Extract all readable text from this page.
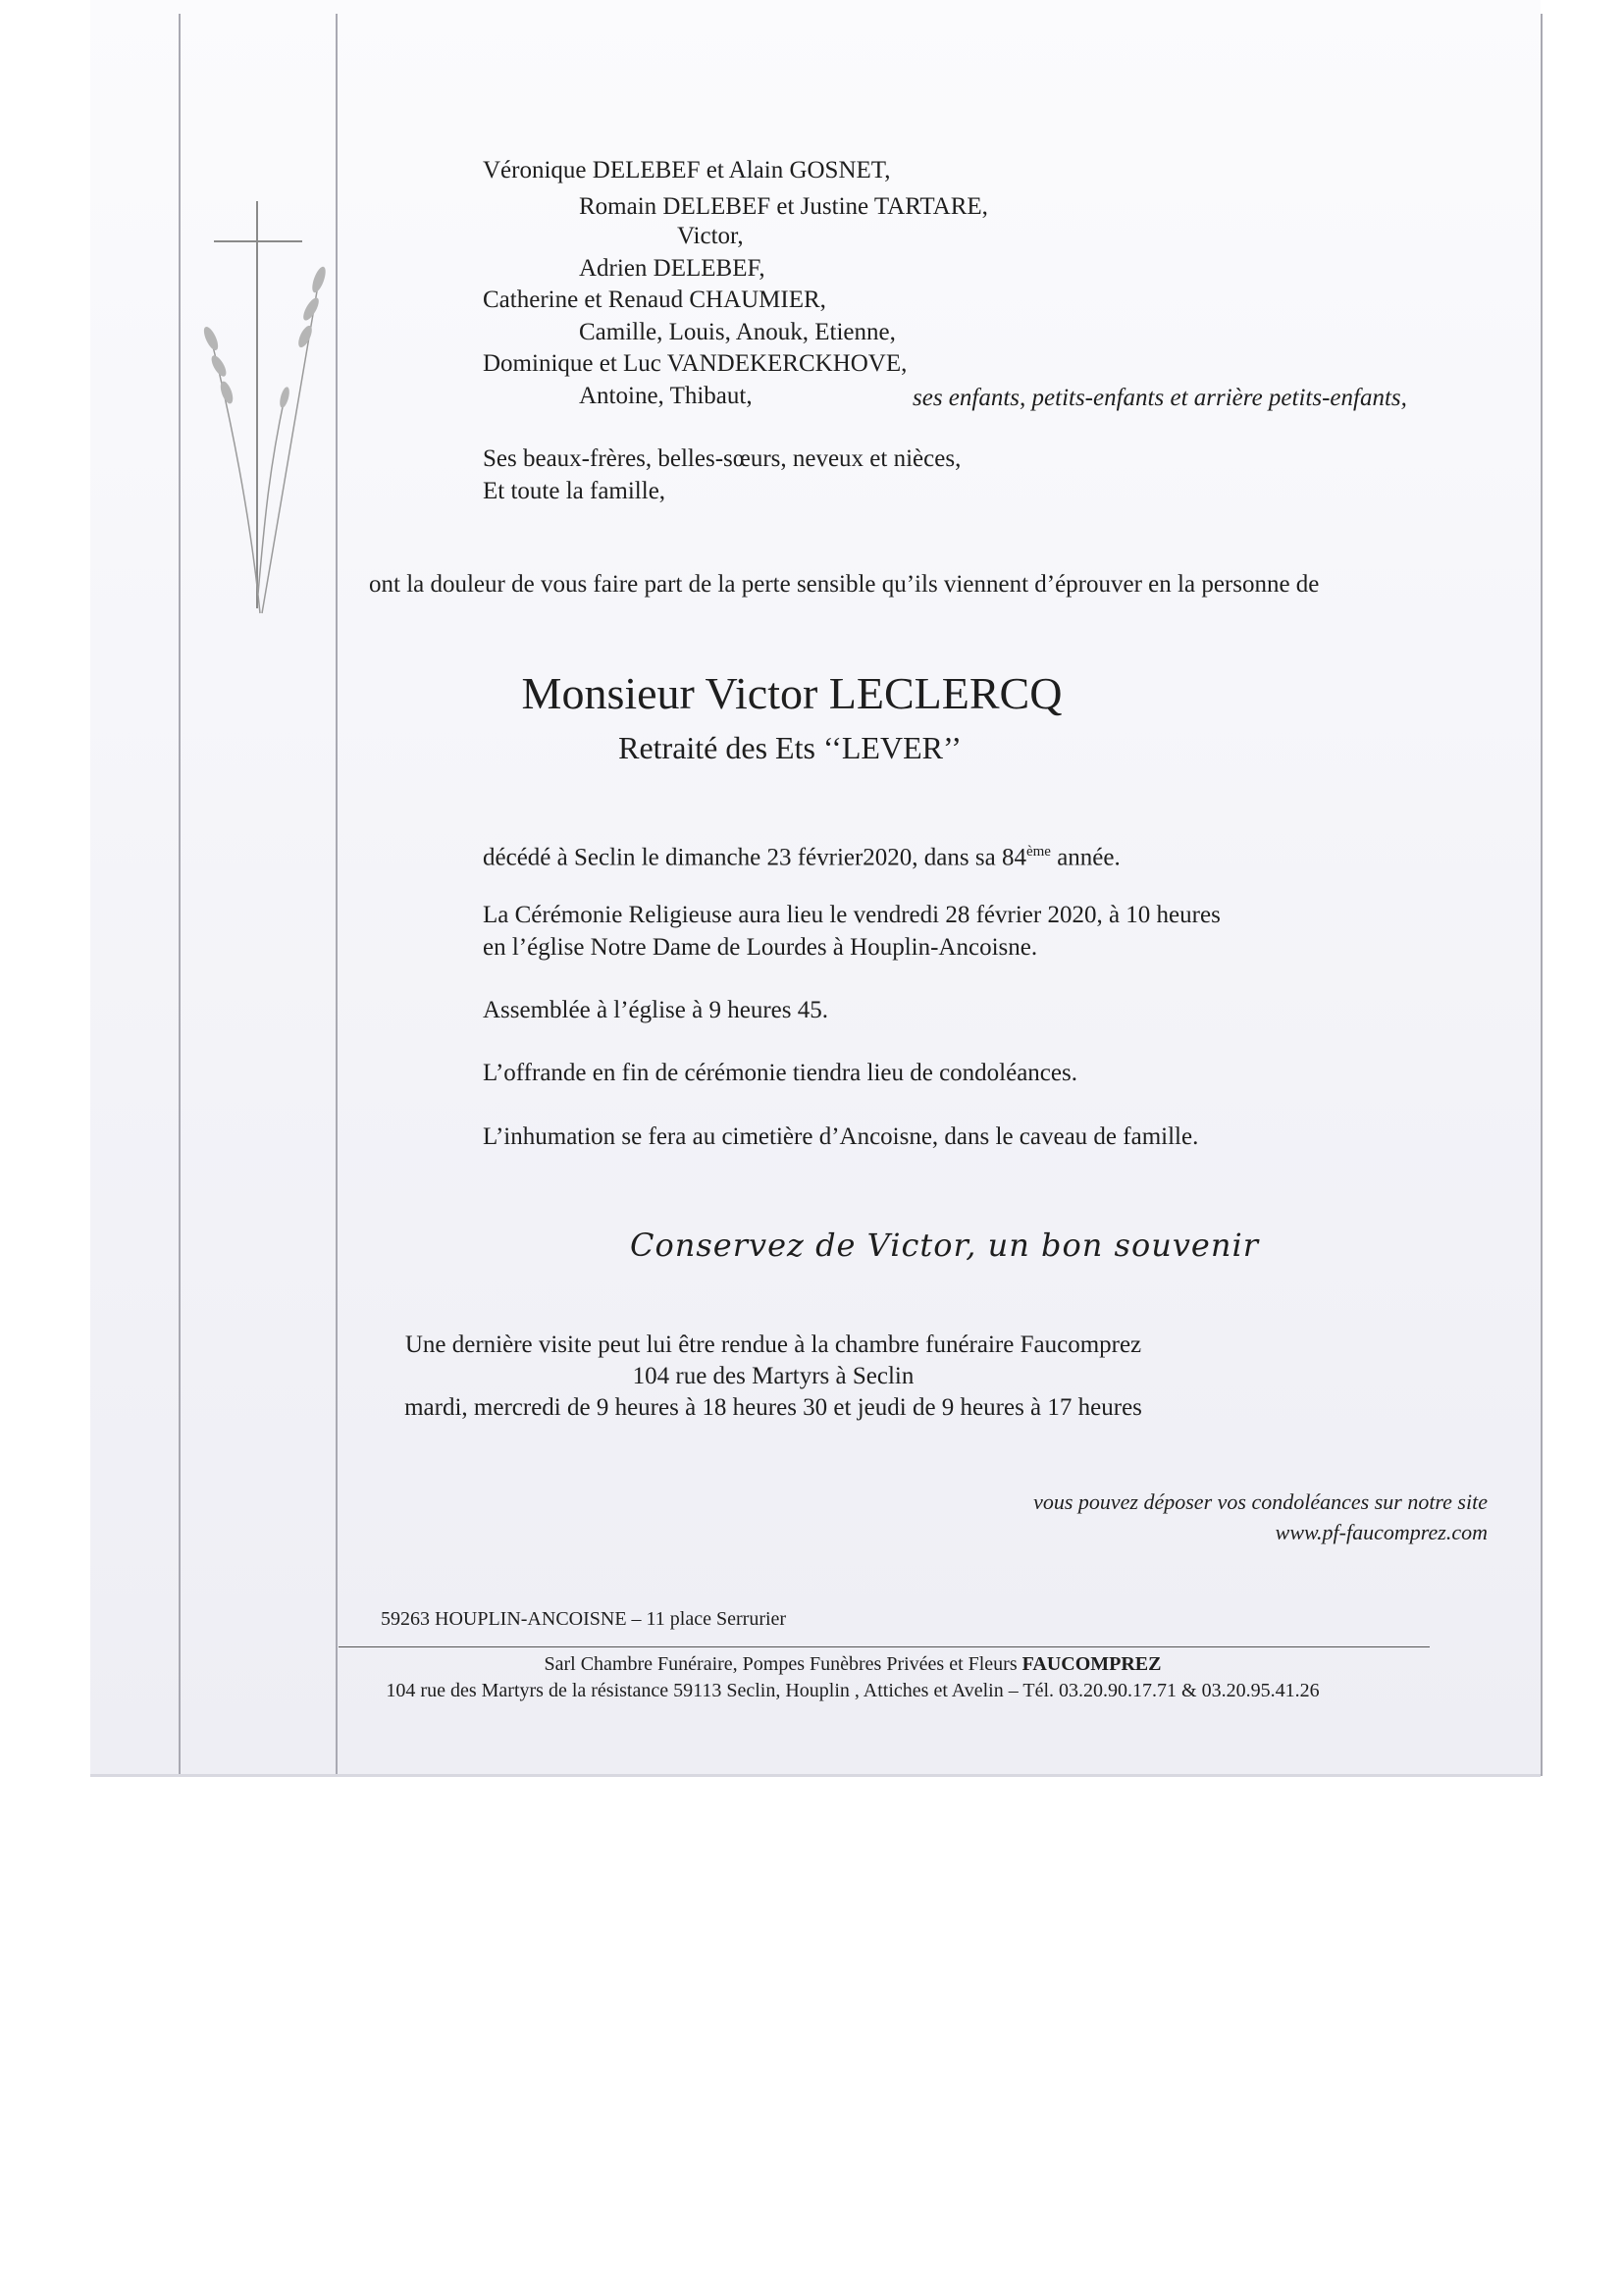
Véronique DELEBEF et Alain GOSNET,
Romain DELEBEF et Justine TARTARE,
Victor,
Adrien DELEBEF,
Catherine et Renaud CHAUMIER,
Camille, Louis, Anouk, Etienne,
Dominique et Luc VANDEKERCKHOVE,
Antoine, Thibaut,	ses enfants, petits-enfants et arrière petits-enfants,
Ses beaux-frères, belles-sœurs, neveux et nièces,
Et toute la famille,
ont la douleur de vous faire part de la perte sensible qu’ils viennent d’éprouver en la personne de
Monsieur Victor LECLERCQ
Retraité des Ets ‘‘LEVER’’
décédé à Seclin le dimanche 23 février2020, dans sa 84ème année.
La Cérémonie Religieuse aura lieu le vendredi 28 février 2020, à 10 heures
en l’église Notre Dame de Lourdes à Houplin-Ancoisne.
Assemblée à l’église à 9 heures 45.
L’offrande en fin de cérémonie tiendra lieu de condoléances.
L’inhumation se fera au cimetière d’Ancoisne, dans le caveau de famille.
Conservez de Victor, un bon souvenir
Une dernière visite peut lui être rendue à la chambre funéraire Faucomprez
104 rue des Martyrs à Seclin
mardi, mercredi de 9 heures à 18 heures 30 et jeudi de 9 heures à 17 heures
vous pouvez déposer vos condoléances sur notre site
www.pf-faucomprez.com
59263 HOUPLIN-ANCOISNE – 11 place Serrurier
Sarl Chambre Funéraire, Pompes Funèbres Privées et Fleurs FAUCOMPREZ
104 rue des Martyrs de la résistance 59113 Seclin, Houplin , Attiches et Avelin – Tél. 03.20.90.17.71 & 03.20.95.41.26
